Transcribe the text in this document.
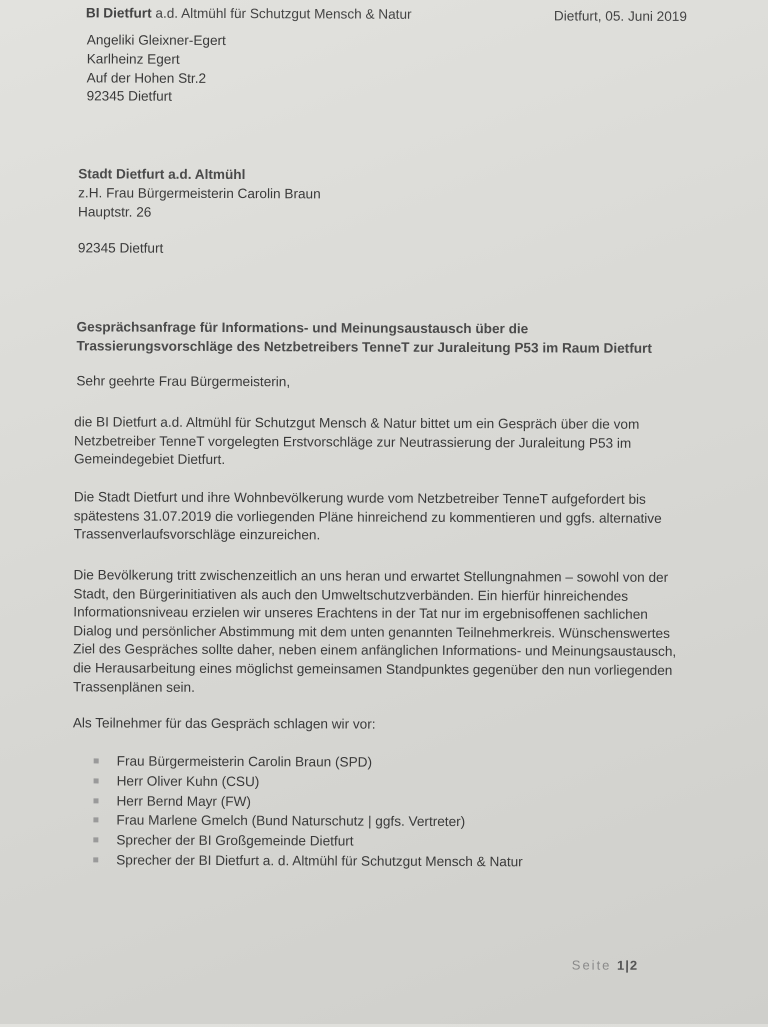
BI Dietfurt a.d. Altmühl für Schutzgut Mensch & Natur	Dietfurt, 05. Juni 2019
Angeliki Gleixner-Egert
Karlheinz Egert
Auf der Hohen Str.2
92345 Dietfurt
Stadt Dietfurt a.d. Altmühl
z.H. Frau Bürgermeisterin Carolin Braun
Hauptstr. 26
92345 Dietfurt
Gesprächsanfrage für Informations- und Meinungsaustausch über die
Trassierungsvorschläge des Netzbetreibers TenneT zur Juraleitung P53 im Raum Dietfurt
Sehr geehrte Frau Bürgermeisterin,
die BI Dietfurt a.d. Altmühl für Schutzgut Mensch & Natur bittet um ein Gespräch über die vom
Netzbetreiber TenneT vorgelegten Erstvorschläge zur Neutrassierung der Juraleitung P53 im
Gemeindegebiet Dietfurt.
Die Stadt Dietfurt und ihre Wohnbevölkerung wurde vom Netzbetreiber TenneT aufgefordert bis
spätestens 31.07.2019 die vorliegenden Pläne hinreichend zu kommentieren und ggfs. alternative
Trassenverlaufsvorschläge einzureichen.
Die Bevölkerung tritt zwischenzeitlich an uns heran und erwartet Stellungnahmen – sowohl von der
Stadt, den Bürgerinitiativen als auch den Umweltschutzverbänden. Ein hierfür hinreichendes
Informationsniveau erzielen wir unseres Erachtens in der Tat nur im ergebnisoffenen sachlichen
Dialog und persönlicher Abstimmung mit dem unten genannten Teilnehmerkreis. Wünschenswertes
Ziel des Gespräches sollte daher, neben einem anfänglichen Informations- und Meinungsaustausch,
die Herausarbeitung eines möglichst gemeinsamen Standpunktes gegenüber den nun vorliegenden
Trassenplänen sein.
Als Teilnehmer für das Gespräch schlagen wir vor:
Frau Bürgermeisterin Carolin Braun (SPD)
Herr Oliver Kuhn (CSU)
Herr Bernd Mayr (FW)
Frau Marlene Gmelch (Bund Naturschutz | ggfs. Vertreter)
Sprecher der BI Großgemeinde Dietfurt
Sprecher der BI Dietfurt a. d. Altmühl für Schutzgut Mensch & Natur
Seite 1|2
